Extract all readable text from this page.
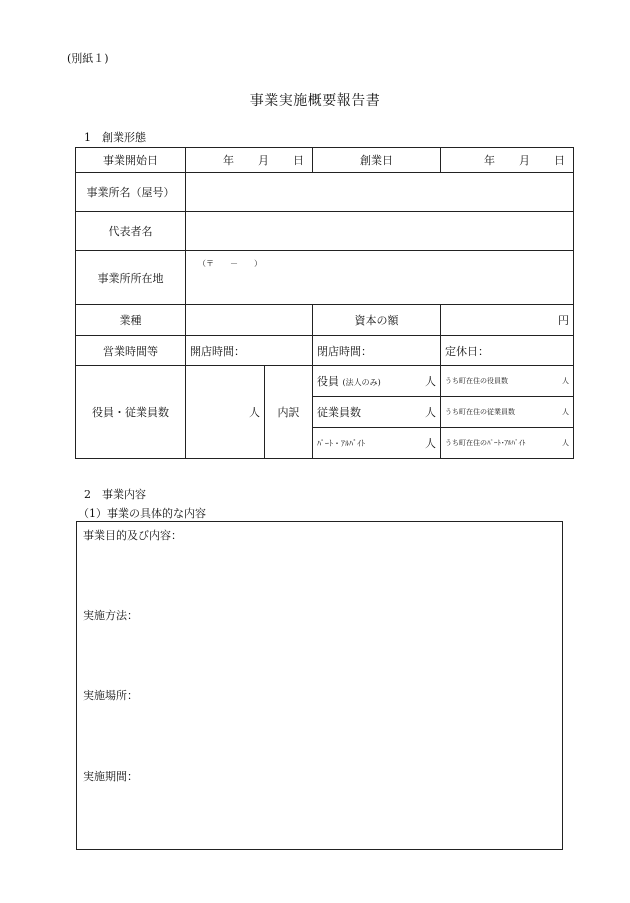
(別紙１)
事業実施概要報告書
1　創業形態
事業開始日	年 月 日		創業日	年 月 日

事業所名（屋号）				
代表者名				
事業所所在地	（〒　　－　　）			
業種			資本の額	円
営業時間等	開店時間：		閉店時間：	定休日：
役員・従業員数	人	内訳	役員 (法人のみ) 人	うち町在住の役員数 人

			従業員数 人	うち町在住の従業員数 人

			ﾊﾟｰﾄ・ｱﾙﾊﾞｲﾄ 人	うち町在住のﾊﾟｰﾄ･ｱﾙﾊﾞｲﾄ 人
2　事業内容
（1）事業の具体的な内容
事業目的及び内容：
実施方法：
実施場所：
実施期間：
